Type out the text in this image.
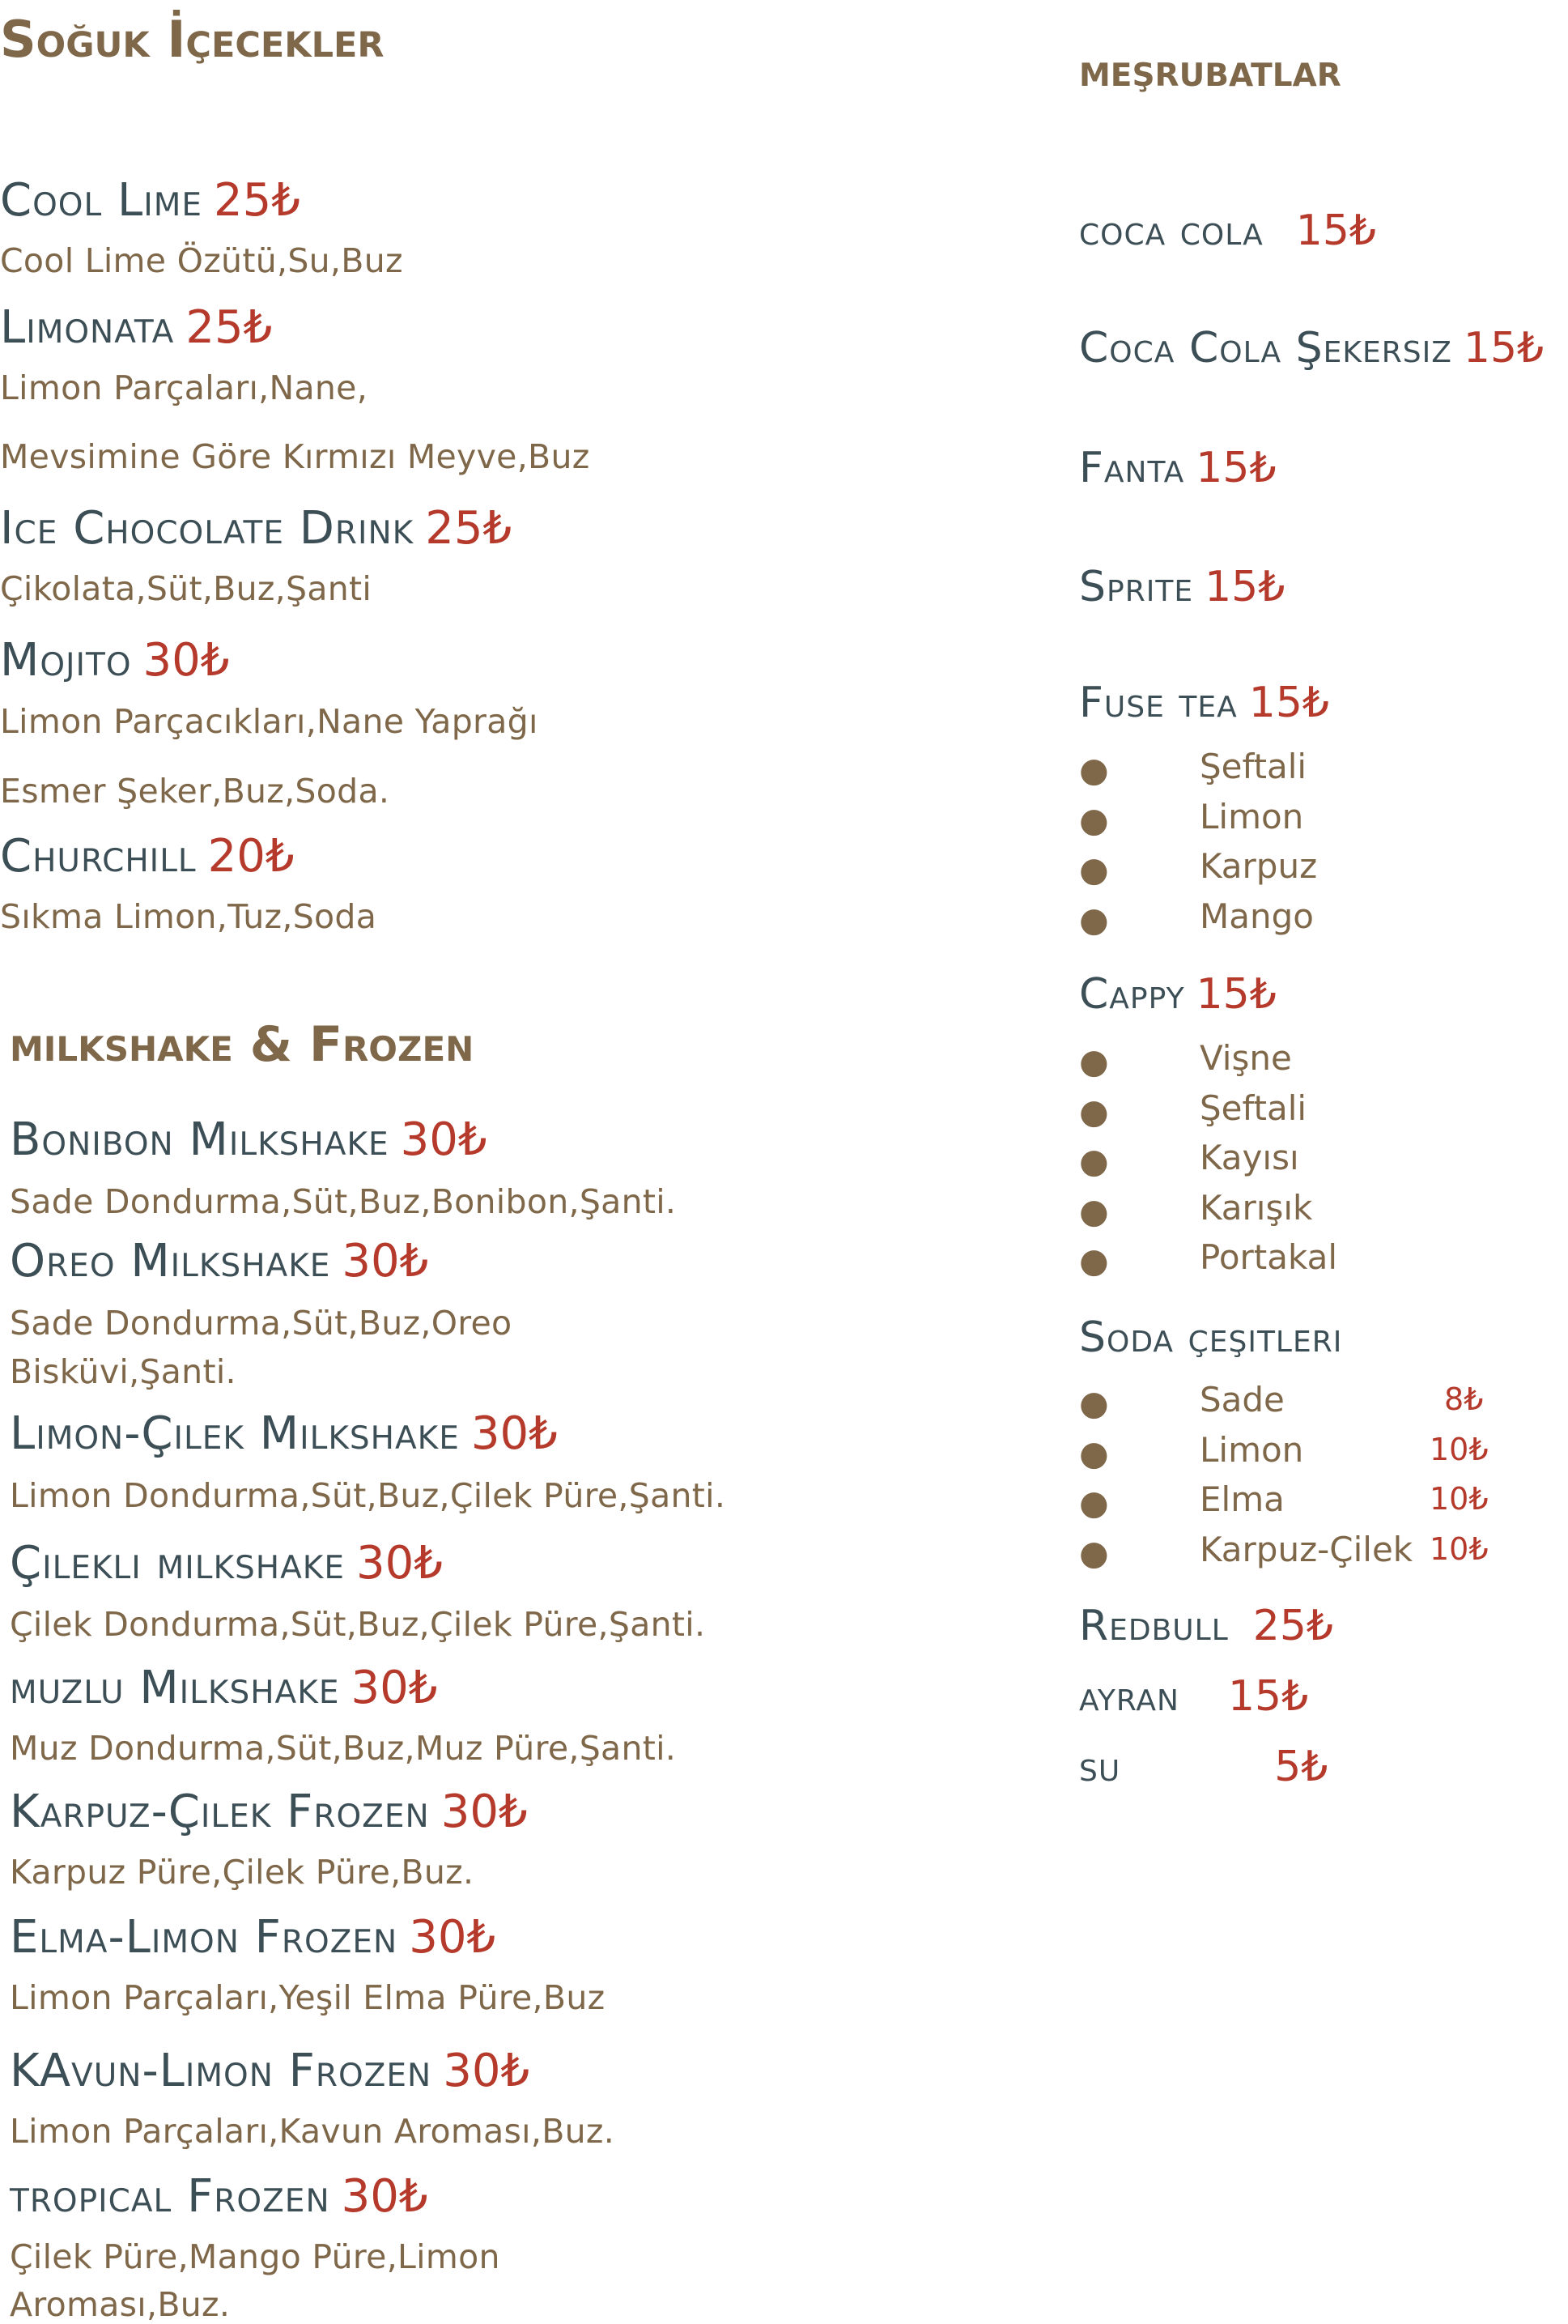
Soğuk İçecekler
Cool Lime 25₺
Cool Lime Özütü,Su,Buz
Limonata 25₺
Limon Parçaları,Nane,
Mevsimine Göre Kırmızı Meyve,Buz
Ice Chocolate Drink 25₺
Çikolata,Süt,Buz,Şanti
Mojito 30₺
Limon Parçacıkları,Nane Yaprağı
Esmer Şeker,Buz,Soda.
Churchill 20₺
Sıkma Limon,Tuz,Soda
milkshake & Frozen
Bonibon Milkshake 30₺
Sade Dondurma,Süt,Buz,Bonibon,Şanti.
Oreo Milkshake 30₺
Sade Dondurma,Süt,Buz,Oreo
Bisküvi,Şanti.
Limon-Çilek Milkshake 30₺
Limon Dondurma,Süt,Buz,Çilek Püre,Şanti.
Çilekli milkshake 30₺
Çilek Dondurma,Süt,Buz,Çilek Püre,Şanti.
muzlu Milkshake 30₺
Muz Dondurma,Süt,Buz,Muz Püre,Şanti.
Karpuz-Çilek Frozen 30₺
Karpuz Püre,Çilek Püre,Buz.
Elma-Limon Frozen 30₺
Limon Parçaları,Yeşil Elma Püre,Buz
KAvun-Limon Frozen 30₺
Limon Parçaları,Kavun Aroması,Buz.
tropical Frozen 30₺
Çilek Püre,Mango Püre,Limon
Aroması,Buz.
meşrubatlar
coca cola 15₺
Coca Cola Şekersiz 15₺
Fanta 15₺
Sprite 15₺
Fuse tea 15₺
●	Şeftali
●	Limon
●	Karpuz
●	Mango
Cappy 15₺
●	Vişne
●	Şeftali
●	Kayısı
●	Karışık
●	Portakal
Soda çeşitleri
●	Sade	8₺
●	Limon	10₺
●	Elma	10₺
●	Karpuz-Çilek 10₺
Redbull 25₺
ayran 15₺
su	5₺
